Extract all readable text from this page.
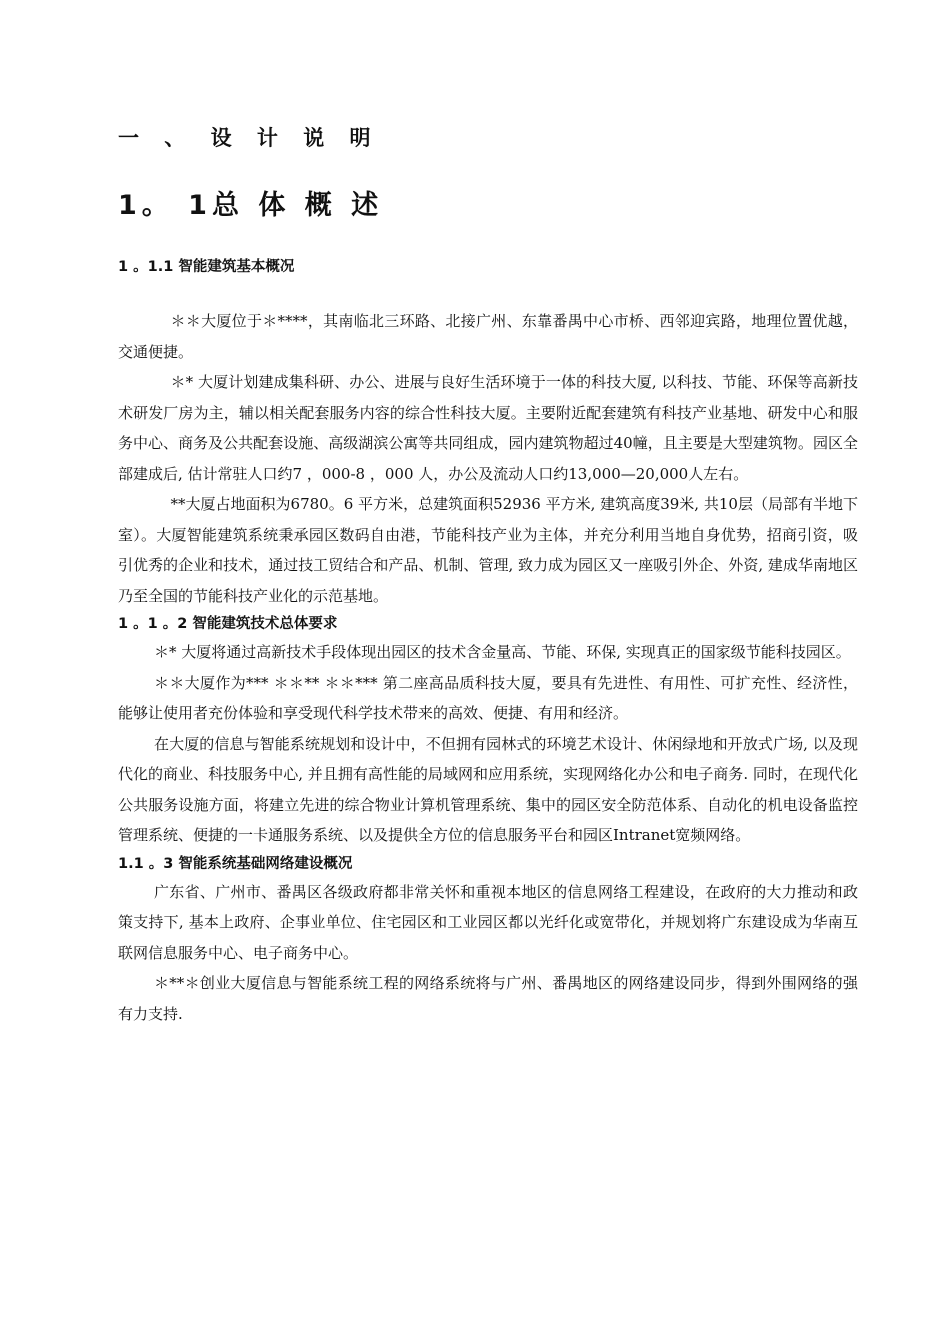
一 、 设 计 说 明
1。 1总 体 概 述
1 。1.1 智能建筑基本概况

＊＊大厦位于＊****，其南临北三环路、北接广州、东靠番禺中心市桥、西邻迎宾路，地理位置优越，交通便捷。

＊* 大厦计划建成集科研、办公、进展与良好生活环境于一体的科技大厦, 以科技、节能、环保等高新技术研发厂房为主，辅以相关配套服务内容的综合性科技大厦。主要附近配套建筑有科技产业基地、研发中心和服务中心、商务及公共配套设施、高级湖滨公寓等共同组成，园内建筑物超过40幢，且主要是大型建筑物。园区全部建成后, 估计常驻人口约7 ，000-8 ，000 人，办公及流动人口约13,000—20,000人左右。

**大厦占地面积为6780。6 平方米，总建筑面积52936 平方米, 建筑高度39米, 共10层（局部有半地下室）。大厦智能建筑系统秉承园区数码自由港，节能科技产业为主体，并充分利用当地自身优势，招商引资，吸引优秀的企业和技术，通过技工贸结合和产品、机制、管理, 致力成为园区又一座吸引外企、外资, 建成华南地区乃至全国的节能科技产业化的示范基地。

1 。1 。2 智能建筑技术总体要求

＊* 大厦将通过高新技术手段体现出园区的技术含金量高、节能、环保, 实现真正的国家级节能科技园区。

＊＊大厦作为*** ＊＊** ＊＊*** 第二座高品质科技大厦，要具有先进性、有用性、可扩充性、经济性，能够让使用者充份体验和享受现代科学技术带来的高效、便捷、有用和经济。

在大厦的信息与智能系统规划和设计中，不但拥有园林式的环境艺术设计、休闲绿地和开放式广场, 以及现代化的商业、科技服务中心, 并且拥有高性能的局域网和应用系统，实现网络化办公和电子商务. 同时，在现代化公共服务设施方面，将建立先进的综合物业计算机管理系统、集中的园区安全防范体系、自动化的机电设备监控管理系统、便捷的一卡通服务系统、以及提供全方位的信息服务平台和园区Intranet宽频网络。

1.1 。3 智能系统基础网络建设概况

广东省、广州市、番禺区各级政府都非常关怀和重视本地区的信息网络工程建设，在政府的大力推动和政策支持下, 基本上政府、企事业单位、住宅园区和工业园区都以光纤化或宽带化，并规划将广东建设成为华南互联网信息服务中心、电子商务中心。

＊**＊创业大厦信息与智能系统工程的网络系统将与广州、番禺地区的网络建设同步，得到外围网络的强有力支持.
